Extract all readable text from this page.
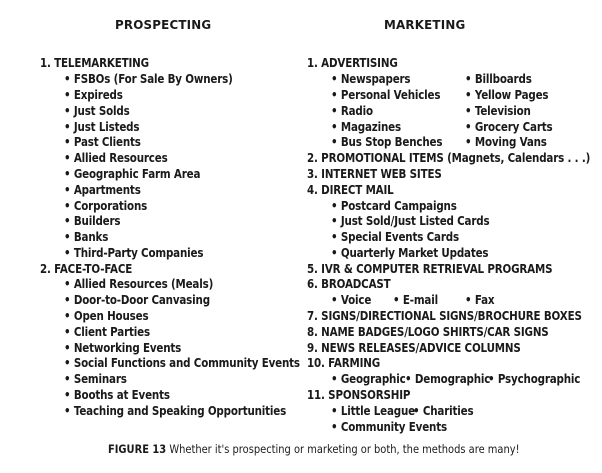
PROSPECTING	MARKETING
1. TELEMARKETING
• FSBOs (For Sale By Owners)
• Expireds
• Just Solds
• Just Listeds
• Past Clients
• Allied Resources
• Geographic Farm Area
• Apartments
• Corporations
• Builders
• Banks
• Third-Party Companies
2. FACE-TO-FACE
• Allied Resources (Meals)
• Door-to-Door Canvasing
• Open Houses
• Client Parties
• Networking Events
• Social Functions and Community Events
• Seminars
• Booths at Events
• Teaching and Speaking Opportunities
1. ADVERTISING
• Newspapers
• Personal Vehicles
• Radio
• Magazines
• Bus Stop Benches
• Billboards
• Yellow Pages
• Television
• Grocery Carts
• Moving Vans
2. PROMOTIONAL ITEMS (Magnets, Calendars . . .)
3. INTERNET WEB SITES
4. DIRECT MAIL
• Postcard Campaigns
• Just Sold/Just Listed Cards
• Special Events Cards
• Quarterly Market Updates
5. IVR & COMPUTER RETRIEVAL PROGRAMS
6. BROADCAST
• Voice • E-mail • Fax
7. SIGNS/DIRECTIONAL SIGNS/BROCHURE BOXES
8. NAME BADGES/LOGO SHIRTS/CAR SIGNS
9. NEWS RELEASES/ADVICE COLUMNS
10. FARMING
• Geographic • Demographic
• Psychographic
11. SPONSORSHIP
• Little League
• Charities
• Community Events
FIGURE 13 Whether it's prospecting or marketing or both, the methods are many!
